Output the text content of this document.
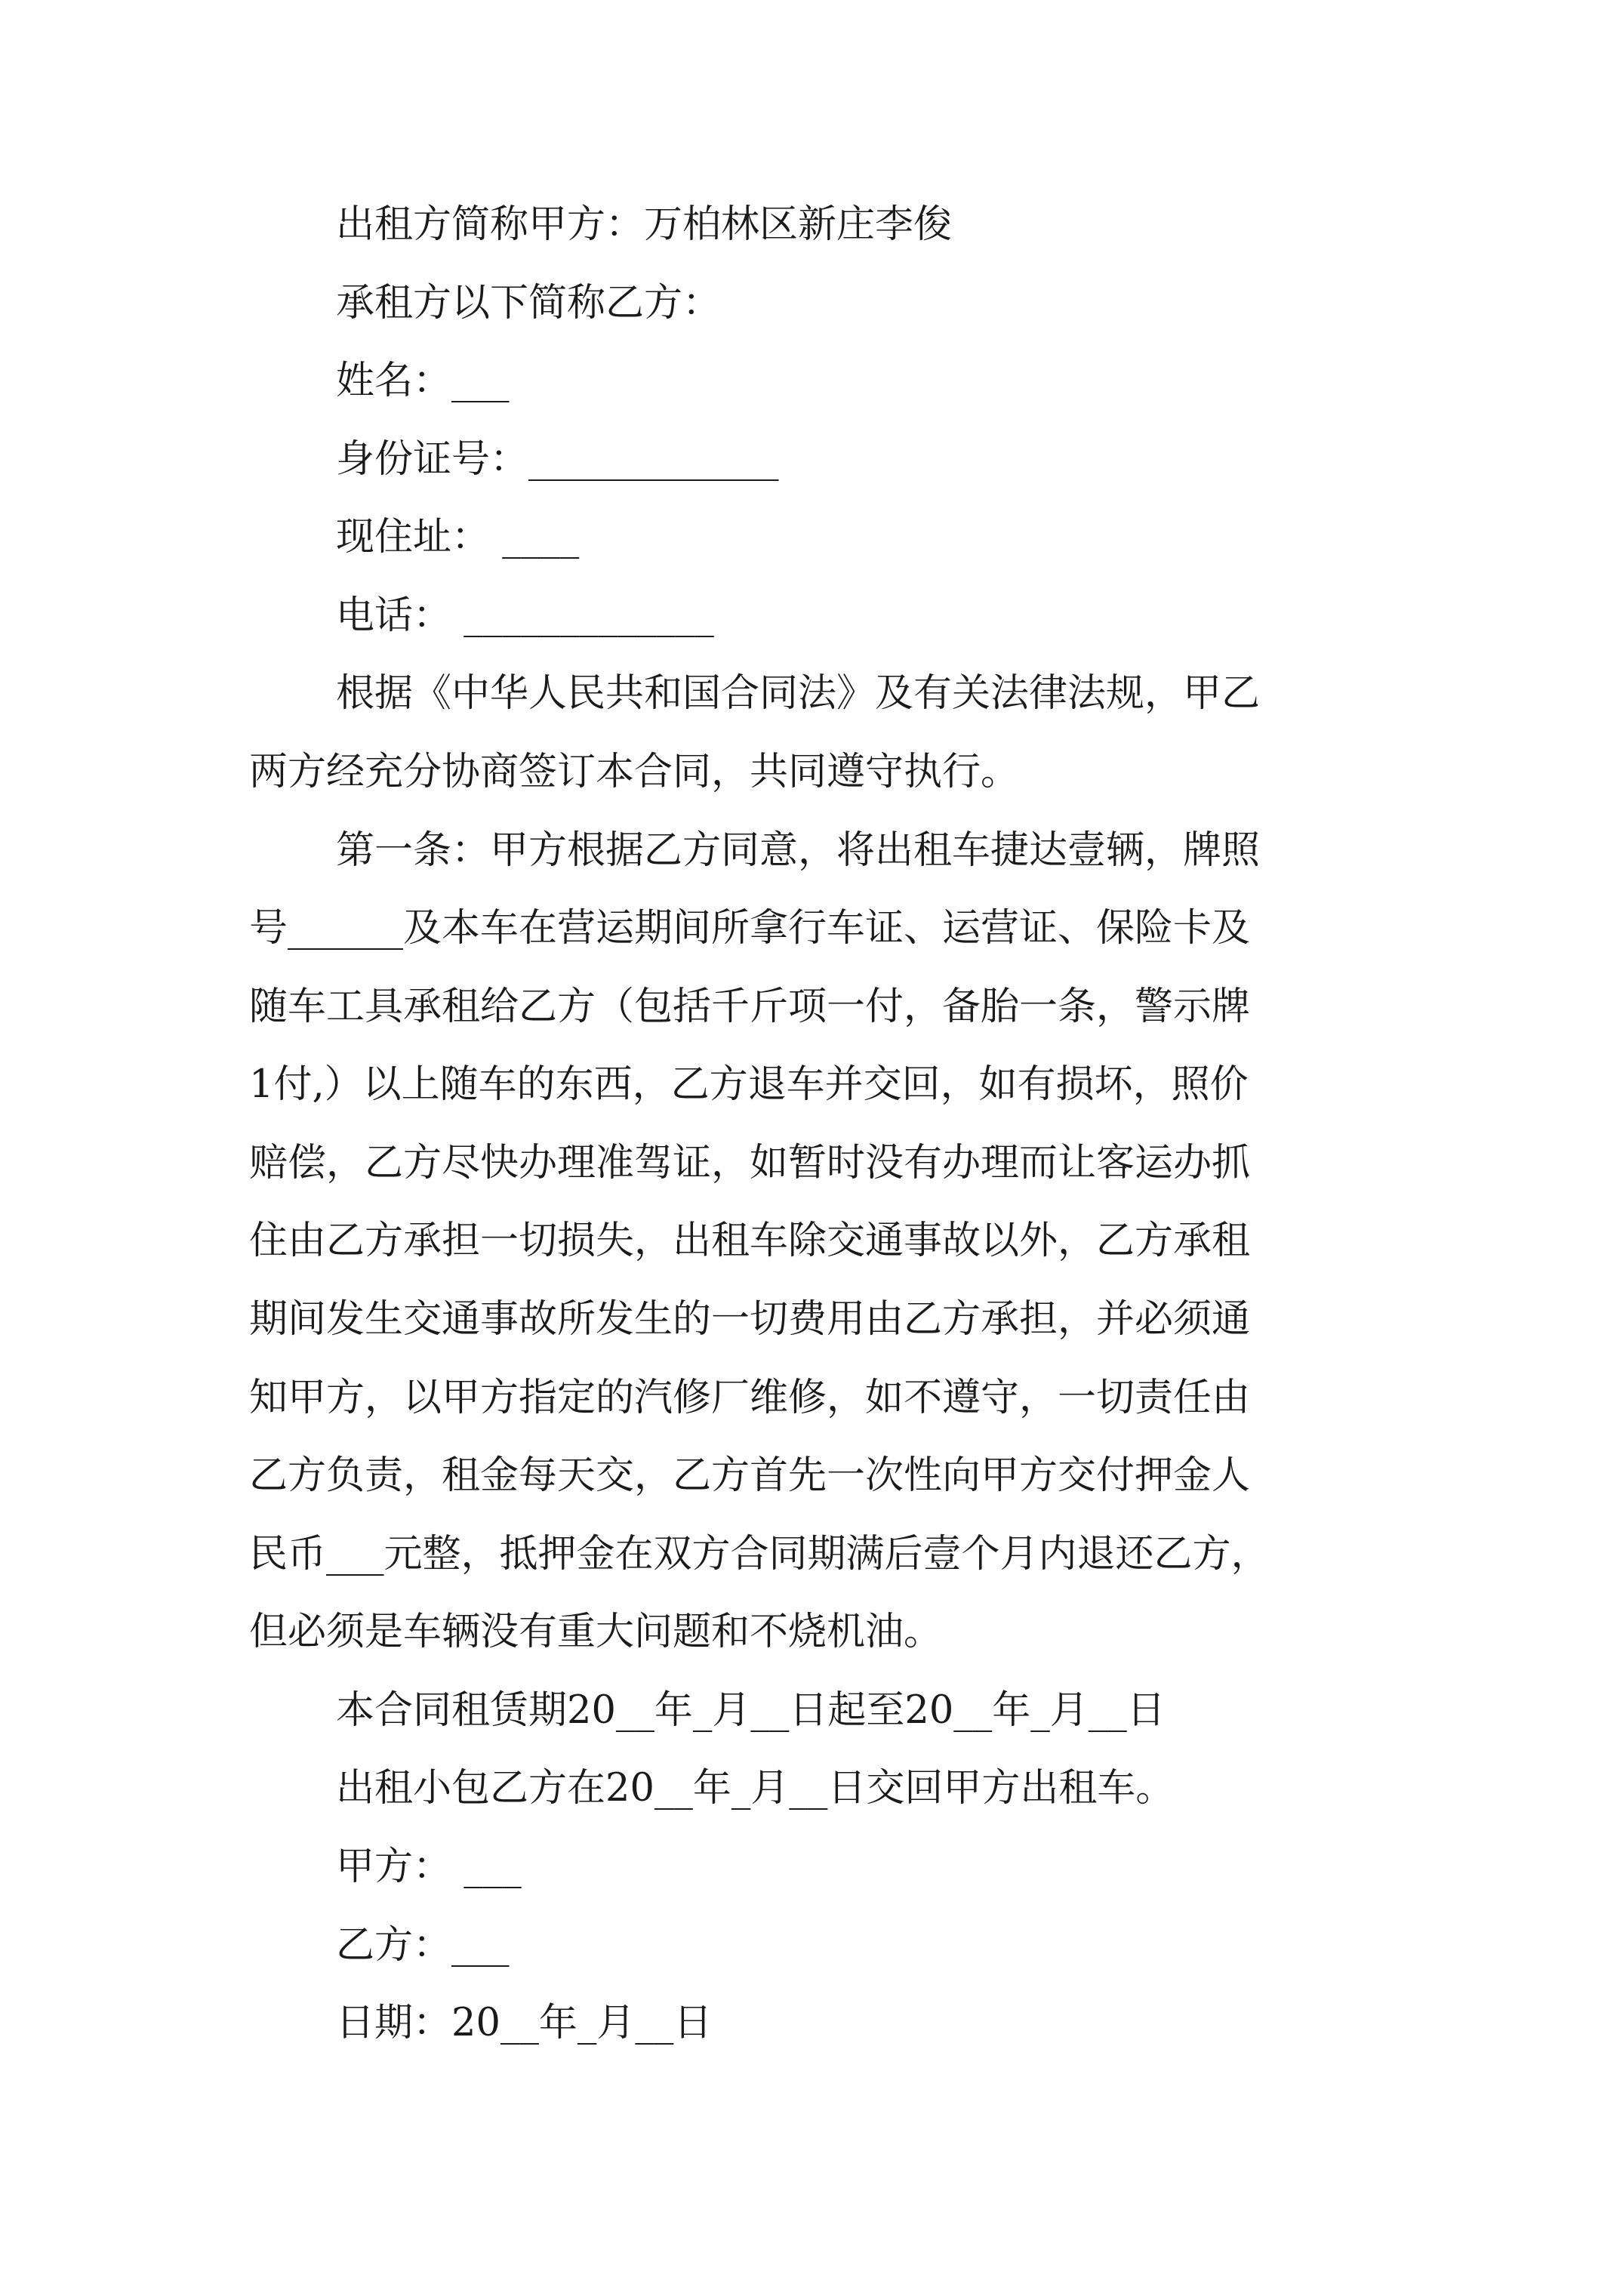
出租方简称甲方：万柏林区新庄李俊
承租方以下简称乙方：
姓名：___
身份证号：_____________
现住址： ____
电话： _____________
根据《中华人民共和国合同法》及有关法律法规，甲乙
两方经充分协商签订本合同，共同遵守执行。
第一条：甲方根据乙方同意，将出租车捷达壹辆，牌照
号______及本车在营运期间所拿行车证、运营证、保险卡及
随车工具承租给乙方（包括千斤项一付，备胎一条，警示牌
1付,）以上随车的东西，乙方退车并交回，如有损坏，照价
赔偿，乙方尽快办理准驾证，如暂时没有办理而让客运办抓
住由乙方承担一切损失，出租车除交通事故以外，乙方承租
期间发生交通事故所发生的一切费用由乙方承担，并必须通
知甲方，以甲方指定的汽修厂维修，如不遵守，一切责任由
乙方负责，租金每天交，乙方首先一次性向甲方交付押金人
民币___元整，抵押金在双方合同期满后壹个月内退还乙方，
但必须是车辆没有重大问题和不烧机油。
本合同租赁期20__年_月__日起至20__年_月__日
出租小包乙方在20__年_月__日交回甲方出租车。
甲方： ___
乙方：___
日期：20__年_月__日
